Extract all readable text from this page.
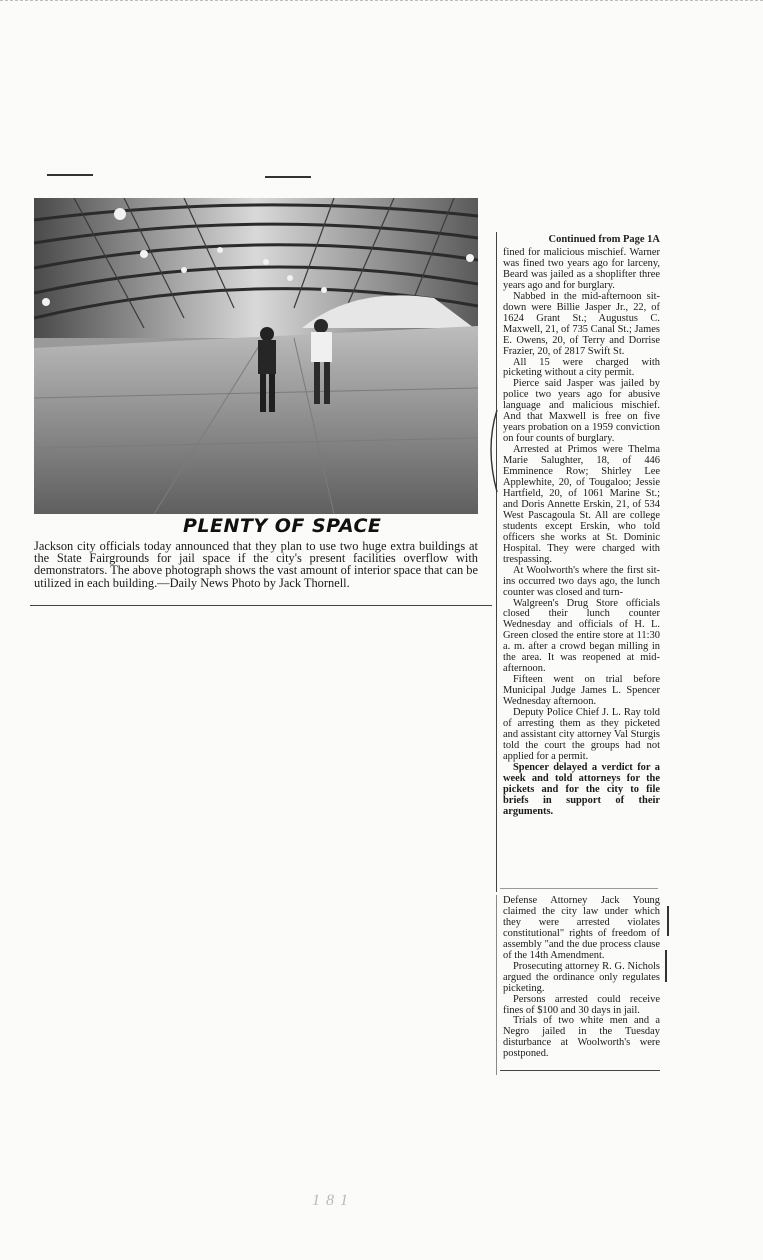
PLENTY OF SPACE

Jackson city officials today announced that they plan to use two huge extra buildings at the State Fairgrounds for jail space if the city's present facilities overflow with demonstrators. The above photograph shows the vast amount of interior space that can be utilized in each building.—Daily News Photo by Jack Thornell.

Continued from Page 1A

fined for malicious mischief. Warner was fined two years ago for larceny, Beard was jailed as a shoplifter three years ago and for burglary.
Nabbed in the mid-afternoon sit-down were Billie Jasper Jr., 22, of 1624 Grant St.; Augustus C. Maxwell, 21, of 735 Canal St.; James E. Owens, 20, of Terry and Dorrise Frazier, 20, of 2817 Swift St.
All 15 were charged with picketing without a city permit.
Pierce said Jasper was jailed by police two years ago for abusive language and malicious mischief. And that Maxwell is free on five years probation on a 1959 conviction on four counts of burglary.
Arrested at Primos were Thelma Marie Salughter, 18, of 446 Emminence Row; Shirley Lee Applewhite, 20, of Tougaloo; Jessie Hartfield, 20, of 1061 Marine St.; and Doris Annette Erskin, 21, of 534 West Pascagoula St. All are college students except Erskin, who told officers she works at St. Dominic Hospital. They were charged with trespassing.
At Woolworth's where the first sit-ins occurred two days ago, the lunch counter was closed and turn-
Walgreen's Drug Store officials closed their lunch counter Wednesday and officials of H. L. Green closed the entire store at 11:30 a. m. after a crowd began milling in the area. It was reopened at mid-afternoon.
Fifteen went on trial before Municipal Judge James L. Spencer Wednesday afternoon.
Deputy Police Chief J. L. Ray told of arresting them as they picketed and assistant city attorney Val Sturgis told the court the groups had not applied for a permit.
Spencer delayed a verdict for a week and told attorneys for the pickets and for the city to file briefs in support of their arguments.
Defense Attorney Jack Young claimed the city law under which they were arrested violates constitutional" rights of freedom of assembly "and the due process clause of the 14th Amendment.
Prosecuting attorney R. G. Nichols argued the ordinance only regulates picketing.
Persons arrested could receive fines of $100 and 30 days in jail.
Trials of two white men and a Negro jailed in the Tuesday disturbance at Woolworth's were postponed.
181
